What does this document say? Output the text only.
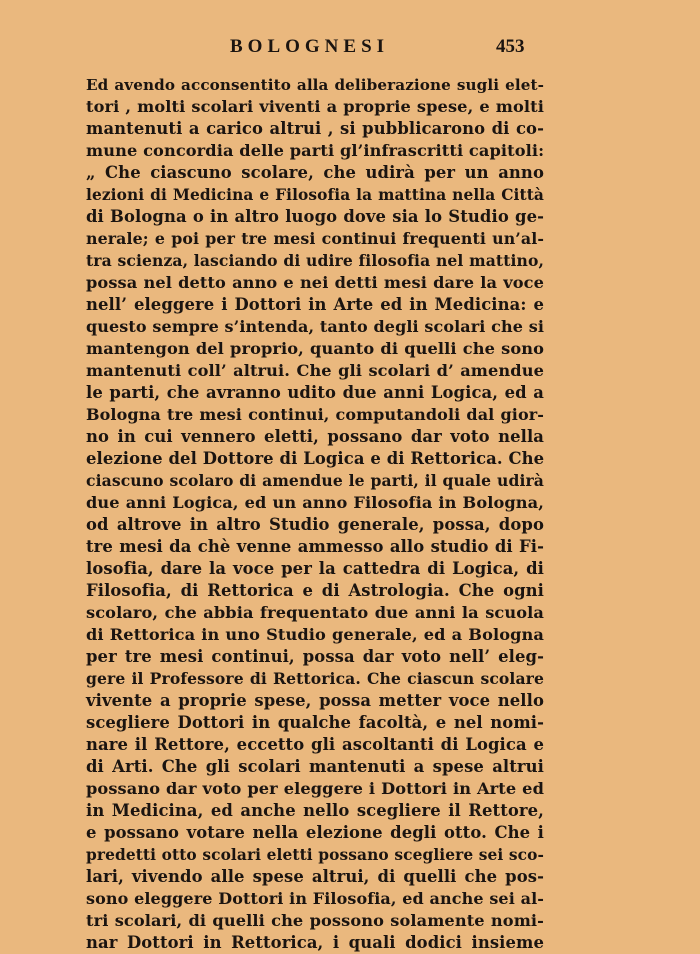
BOLOGNESI	453
Ed avendo acconsentito alla deliberazione sugli elet-
tori , molti scolari viventi a proprie spese, e molti
mantenuti a carico altrui , si pubblicarono di co-
mune concordia delle parti gl’infrascritti capitoli:
„ Che ciascuno scolare, che udirà per un anno
lezioni di Medicina e Filosofia la mattina nella Città
di Bologna o in altro luogo dove sia lo Studio ge-
nerale; e poi per tre mesi continui frequenti un’al-
tra scienza, lasciando di udire filosofia nel mattino,
possa nel detto anno e nei detti mesi dare la voce
nell’ eleggere i Dottori in Arte ed in Medicina: e
questo sempre s’intenda, tanto degli scolari che si
mantengon del proprio, quanto di quelli che sono
mantenuti coll’ altrui. Che gli scolari d’ amendue
le parti, che avranno udito due anni Logica, ed a
Bologna tre mesi continui, computandoli dal gior-
no in cui vennero eletti, possano dar voto nella
elezione del Dottore di Logica e di Rettorica. Che
ciascuno scolaro di amendue le parti, il quale udirà
due anni Logica, ed un anno Filosofia in Bologna,
od altrove in altro Studio generale, possa, dopo
tre mesi da chè venne ammesso allo studio di Fi-
losofia, dare la voce per la cattedra di Logica, di
Filosofia, di Rettorica e di Astrologia. Che ogni
scolaro, che abbia frequentato due anni la scuola
di Rettorica in uno Studio generale, ed a Bologna
per tre mesi continui, possa dar voto nell’ eleg-
gere il Professore di Rettorica. Che ciascun scolare
vivente a proprie spese, possa metter voce nello
scegliere Dottori in qualche facoltà, e nel nomi-
nare il Rettore, eccetto gli ascoltanti di Logica e
di Arti. Che gli scolari mantenuti a spese altrui
possano dar voto per eleggere i Dottori in Arte ed
in Medicina, ed anche nello scegliere il Rettore,
e possano votare nella elezione degli otto. Che i
predetti otto scolari eletti possano scegliere sei sco-
lari, vivendo alle spese altrui, di quelli che pos-
sono eleggere Dottori in Filosofia, ed anche sei al-
tri scolari, di quelli che possono solamente nomi-
nar Dottori in Rettorica, i quali dodici insieme
